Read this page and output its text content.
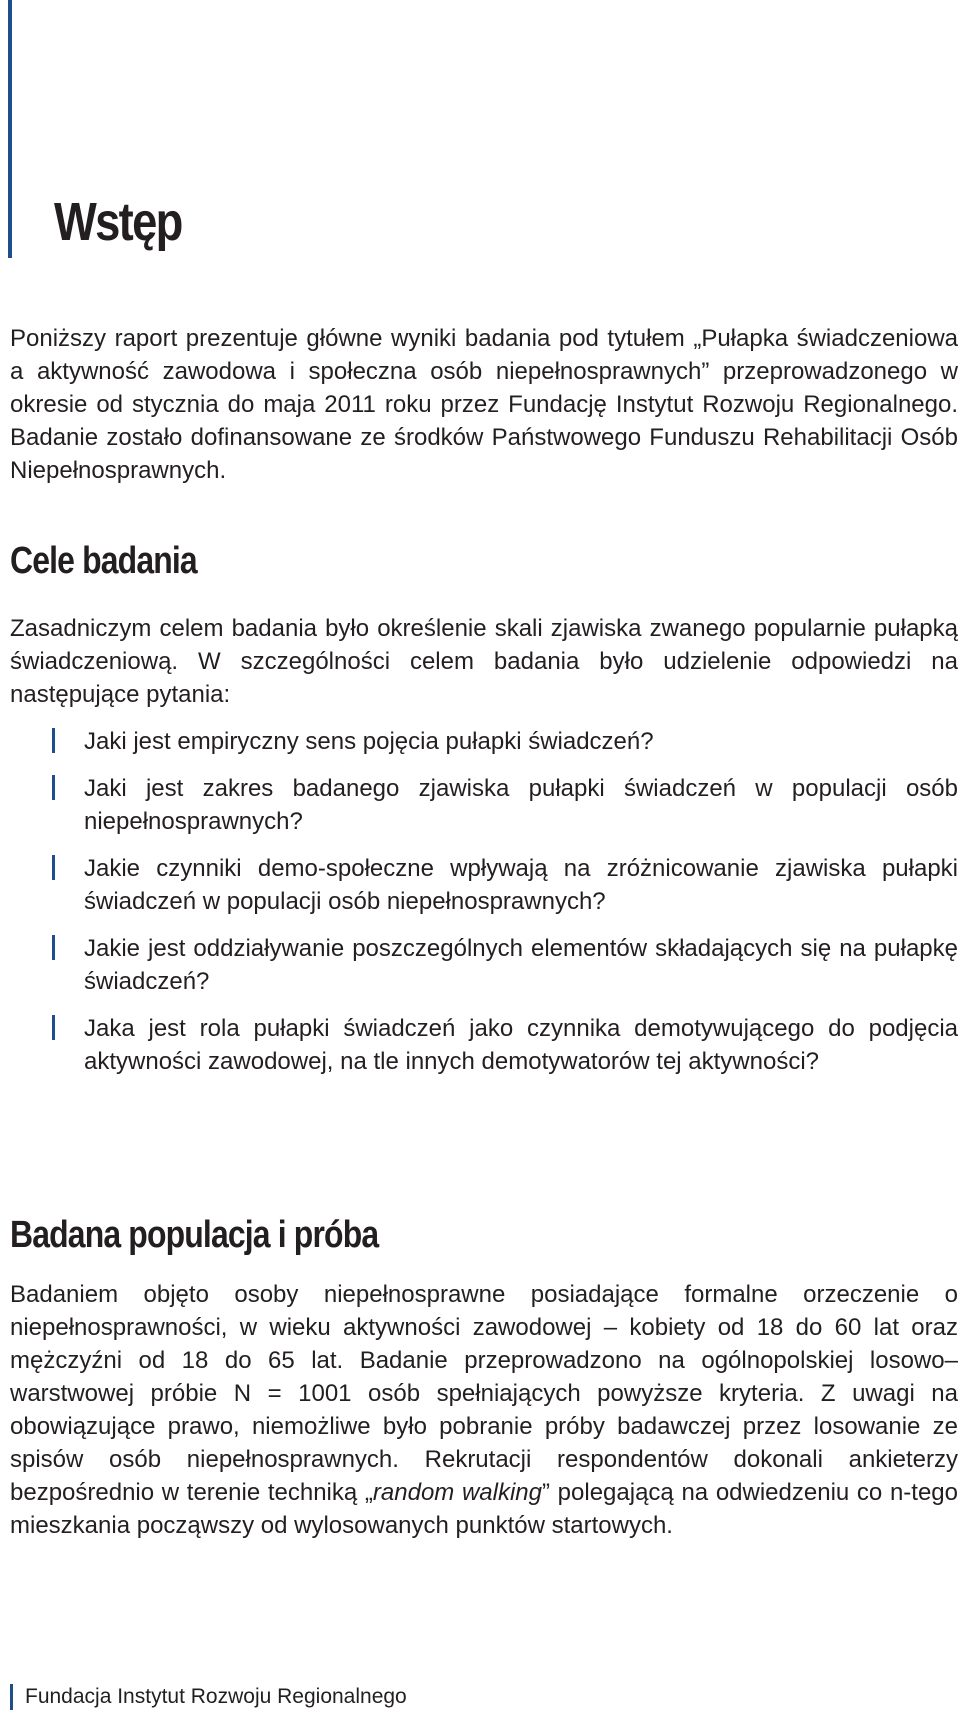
Wstęp

Poniższy raport prezentuje główne wyniki badania pod tytułem „Pułapka świadczeniowa a aktywność zawodowa i społeczna osób niepełnosprawnych” przeprowadzonego w okresie od stycznia do maja 2011 roku przez Fundację Instytut Rozwoju Regionalnego. Badanie zostało dofinansowane ze środków Państwowego Funduszu Rehabilitacji Osób Niepełnosprawnych.

Cele badania

Zasadniczym celem badania było określenie skali zjawiska zwanego popularnie pułapką świadczeniową. W szczególności celem badania było udzielenie odpowiedzi na następujące pytania:

Jaki jest empiryczny sens pojęcia pułapki świadczeń?
Jaki jest zakres badanego zjawiska pułapki świadczeń w populacji osób niepełnosprawnych?
Jakie czynniki demo-społeczne wpływają na zróżnicowanie zjawiska pułapki świadczeń w populacji osób niepełnosprawnych?
Jakie jest oddziaływanie poszczególnych elementów składających się na pułapkę świadczeń?
Jaka jest rola pułapki świadczeń jako czynnika demotywującego do podjęcia aktywności zawodowej, na tle innych demotywatorów tej aktywności?
Badana populacja i próba

Badaniem objęto osoby niepełnosprawne posiadające formalne orzeczenie o niepełnosprawności, w wieku aktywności zawodowej – kobiety od 18 do 60 lat oraz mężczyźni od 18 do 65 lat. Badanie przeprowadzono na ogólnopolskiej losowo–warstwowej próbie N = 1001 osób spełniających powyższe kryteria. Z uwagi na obowiązujące prawo, niemożliwe było pobranie próby badawczej przez losowanie ze spisów osób niepełnosprawnych. Rekrutacji respondentów dokonali ankieterzy bezpośrednio w terenie techniką „random walking” polegającą na odwiedzeniu co n-tego mieszkania począwszy od wylosowanych punktów startowych.

Fundacja Instytut Rozwoju Regionalnego
